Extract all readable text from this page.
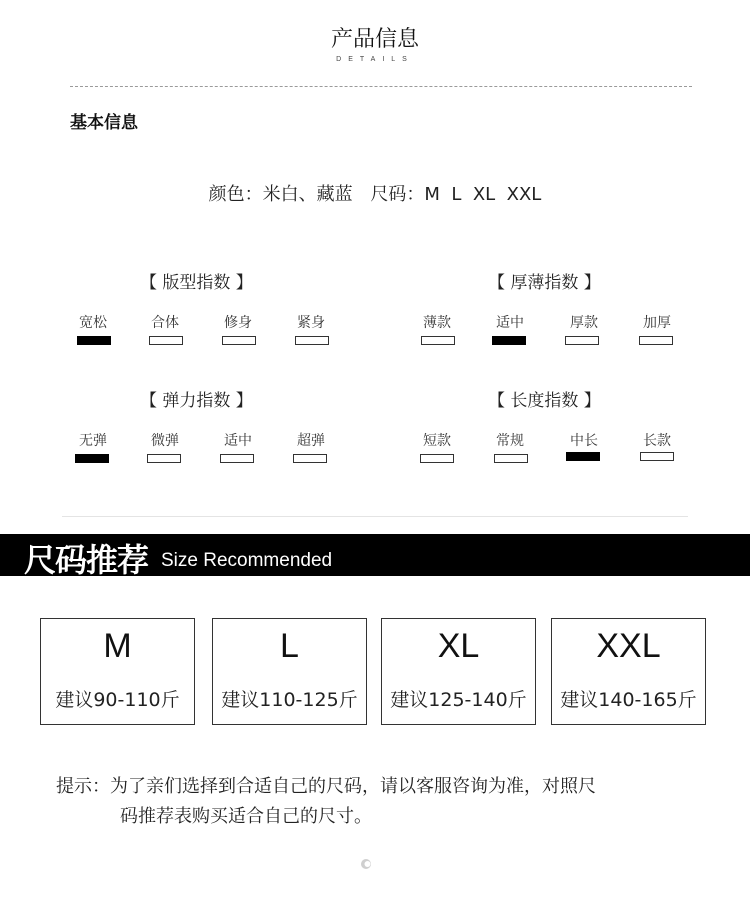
产品信息
DETAILS
基本信息
颜色：米白、藏蓝 尺码：M  L  XL  XXL
【 版型指数 】
宽松	合体	修身	紧身
【 厚薄指数 】
薄款	适中	厚款	加厚
【 弹力指数 】
无弹	微弹	适中	超弹
【 长度指数 】
短款	常规	中长	长款
尺码推荐 Size Recommended
M
建议90-110斤
L
建议110-125斤
XL
建议125-140斤
XXL
建议140-165斤
提示：为了亲们选择到合适自己的尺码，请以客服咨询为准，对照尺
码推荐表购买适合自己的尺寸。
